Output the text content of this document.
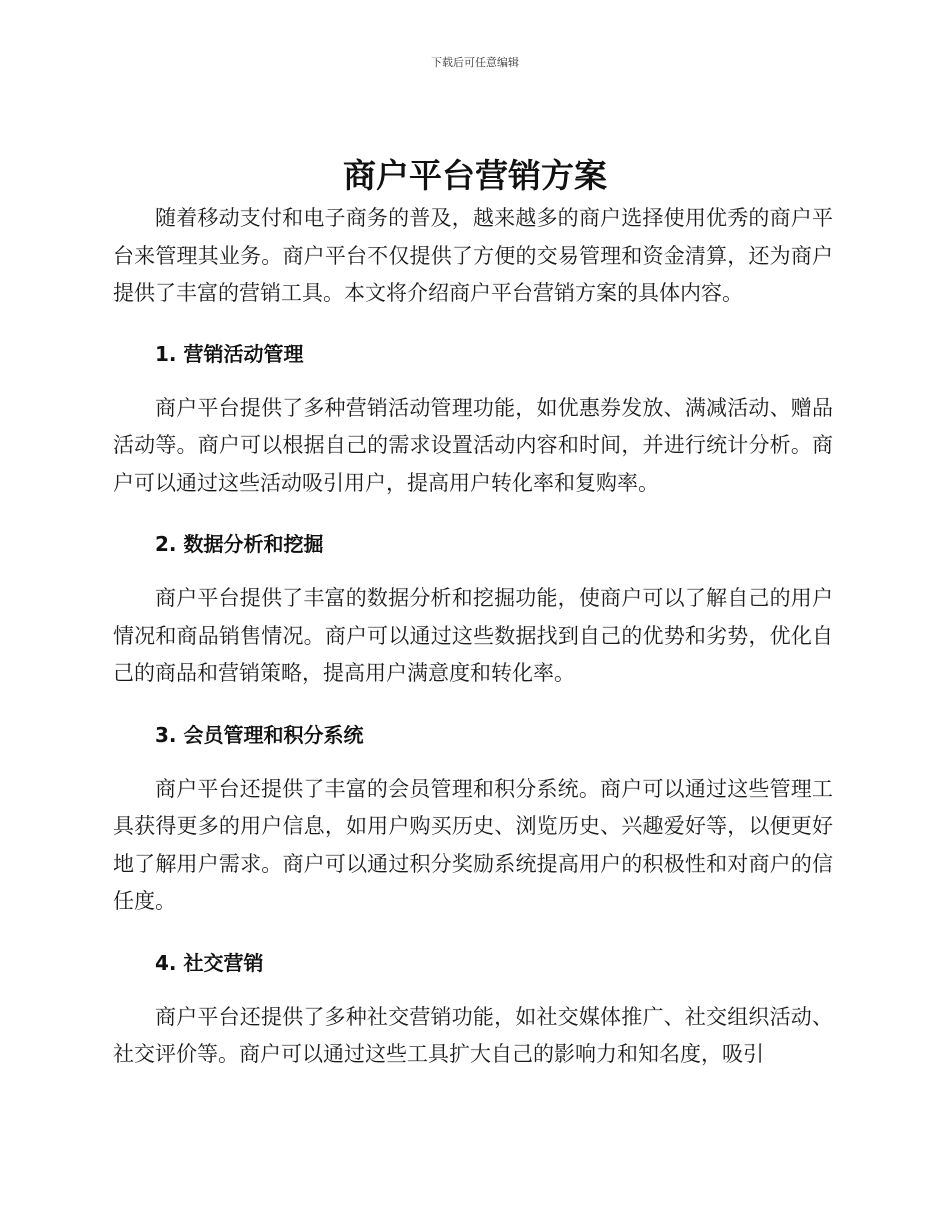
下载后可任意编辑
商户平台营销方案

随着移动支付和电子商务的普及，越来越多的商户选择使用优秀的商户平台来管理其业务。商户平台不仅提供了方便的交易管理和资金清算，还为商户提供了丰富的营销工具。本文将介绍商户平台营销方案的具体内容。

1. 营销活动管理

商户平台提供了多种营销活动管理功能，如优惠券发放、满减活动、赠品活动等。商户可以根据自己的需求设置活动内容和时间，并进行统计分析。商户可以通过这些活动吸引用户，提高用户转化率和复购率。

2. 数据分析和挖掘

商户平台提供了丰富的数据分析和挖掘功能，使商户可以了解自己的用户情况和商品销售情况。商户可以通过这些数据找到自己的优势和劣势，优化自己的商品和营销策略，提高用户满意度和转化率。

3. 会员管理和积分系统

商户平台还提供了丰富的会员管理和积分系统。商户可以通过这些管理工具获得更多的用户信息，如用户购买历史、浏览历史、兴趣爱好等，以便更好地了解用户需求。商户可以通过积分奖励系统提高用户的积极性和对商户的信任度。

4. 社交营销

商户平台还提供了多种社交营销功能，如社交媒体推广、社交组织活动、社交评价等。商户可以通过这些工具扩大自己的影响力和知名度，吸引
